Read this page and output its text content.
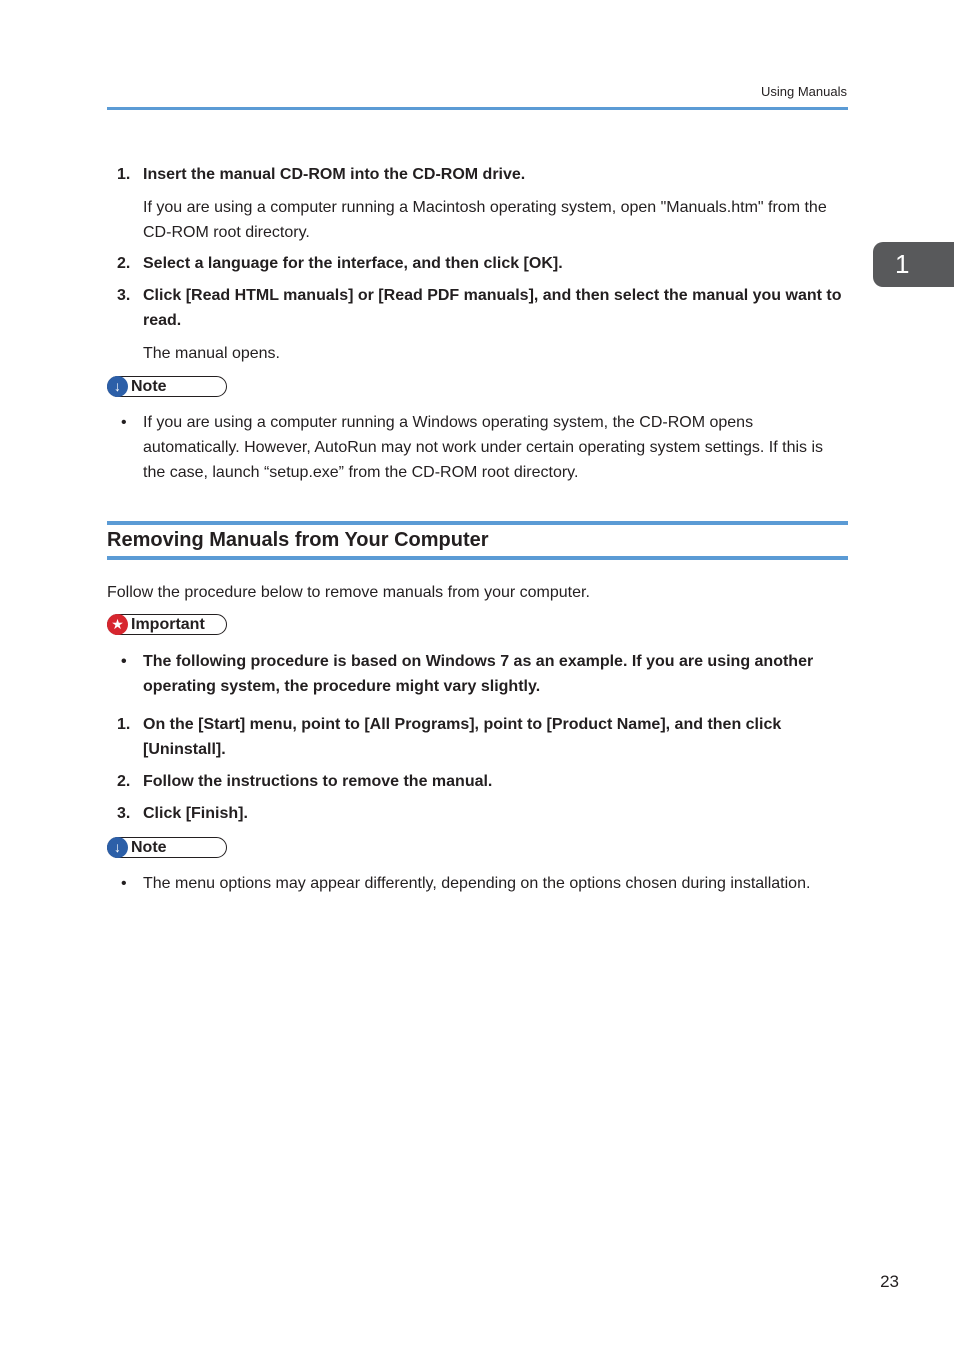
Using Manuals
1
1. Insert the manual CD-ROM into the CD-ROM drive.
If you are using a computer running a Macintosh operating system, open "Manuals.htm" from the CD-ROM root directory.
2. Select a language for the interface, and then click [OK].
3. Click [Read HTML manuals] or [Read PDF manuals], and then select the manual you want to read.
The manual opens.
↓ Note
• If you are using a computer running a Windows operating system, the CD-ROM opens automatically. However, AutoRun may not work under certain operating system settings. If this is the case, launch “setup.exe” from the CD-ROM root directory.
Removing Manuals from Your Computer
Follow the procedure below to remove manuals from your computer.
★ Important
• The following procedure is based on Windows 7 as an example. If you are using another operating system, the procedure might vary slightly.
1. On the [Start] menu, point to [All Programs], point to [Product Name], and then click [Uninstall].
2. Follow the instructions to remove the manual.
3. Click [Finish].
↓ Note
• The menu options may appear differently, depending on the options chosen during installation.
23
